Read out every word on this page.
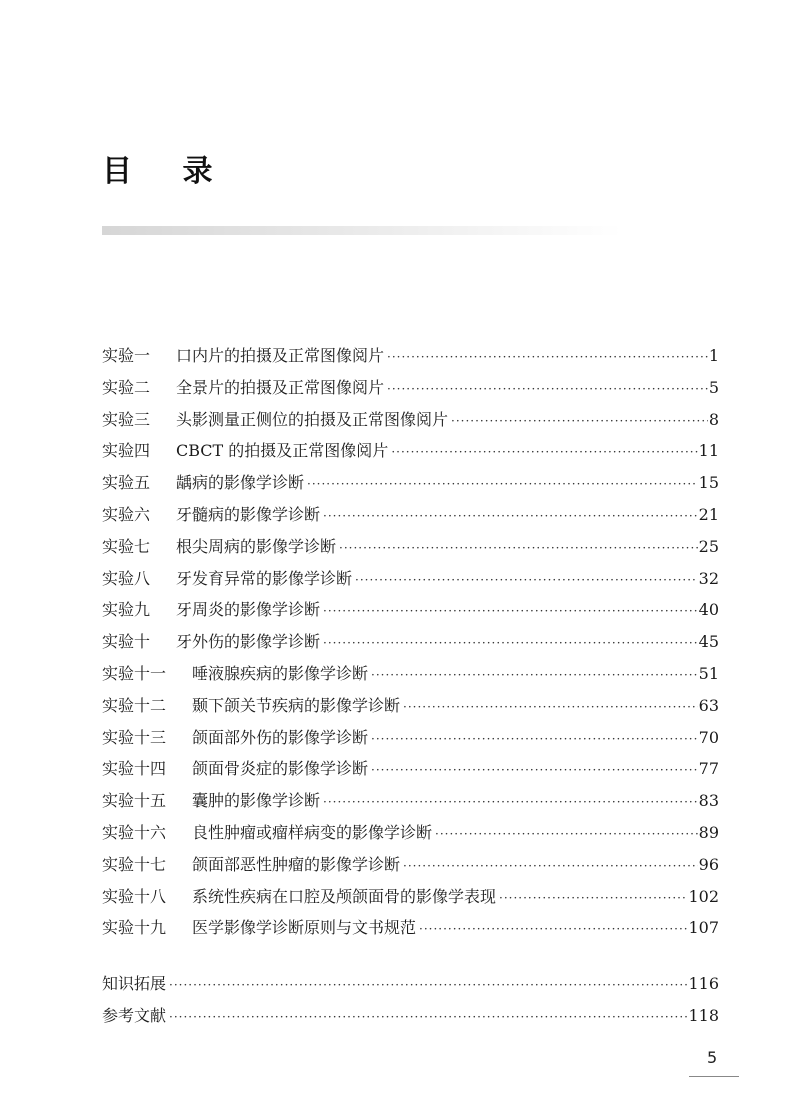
目 录
实验一	口内片的拍摄及正常图像阅片 ·····	1
实验二	全景片的拍摄及正常图像阅片 ·····	5
实验三	头影测量正侧位的拍摄及正常图像阅片 ·····	8
实验四	CBCT 的拍摄及正常图像阅片 ·····	11
实验五	龋病的影像学诊断 ·····	15
实验六	牙髓病的影像学诊断 ·····	21
实验七	根尖周病的影像学诊断 ·····	25
实验八	牙发育异常的影像学诊断 ·····	32
实验九	牙周炎的影像学诊断 ·····	40
实验十	牙外伤的影像学诊断 ·····	45
实验十一	唾液腺疾病的影像学诊断 ·····	51
实验十二	颞下颌关节疾病的影像学诊断 ·····	63
实验十三	颌面部外伤的影像学诊断 ·····	70
实验十四	颌面骨炎症的影像学诊断 ·····	77
实验十五	囊肿的影像学诊断 ·····	83
实验十六	良性肿瘤或瘤样病变的影像学诊断 ·····	89
实验十七	颌面部恶性肿瘤的影像学诊断 ·····	96
实验十八	系统性疾病在口腔及颅颌面骨的影像学表现 ·····	102
实验十九	医学影像学诊断原则与文书规范 ·····	107
知识拓展 ·····	116
参考文献 ·····	118
5
